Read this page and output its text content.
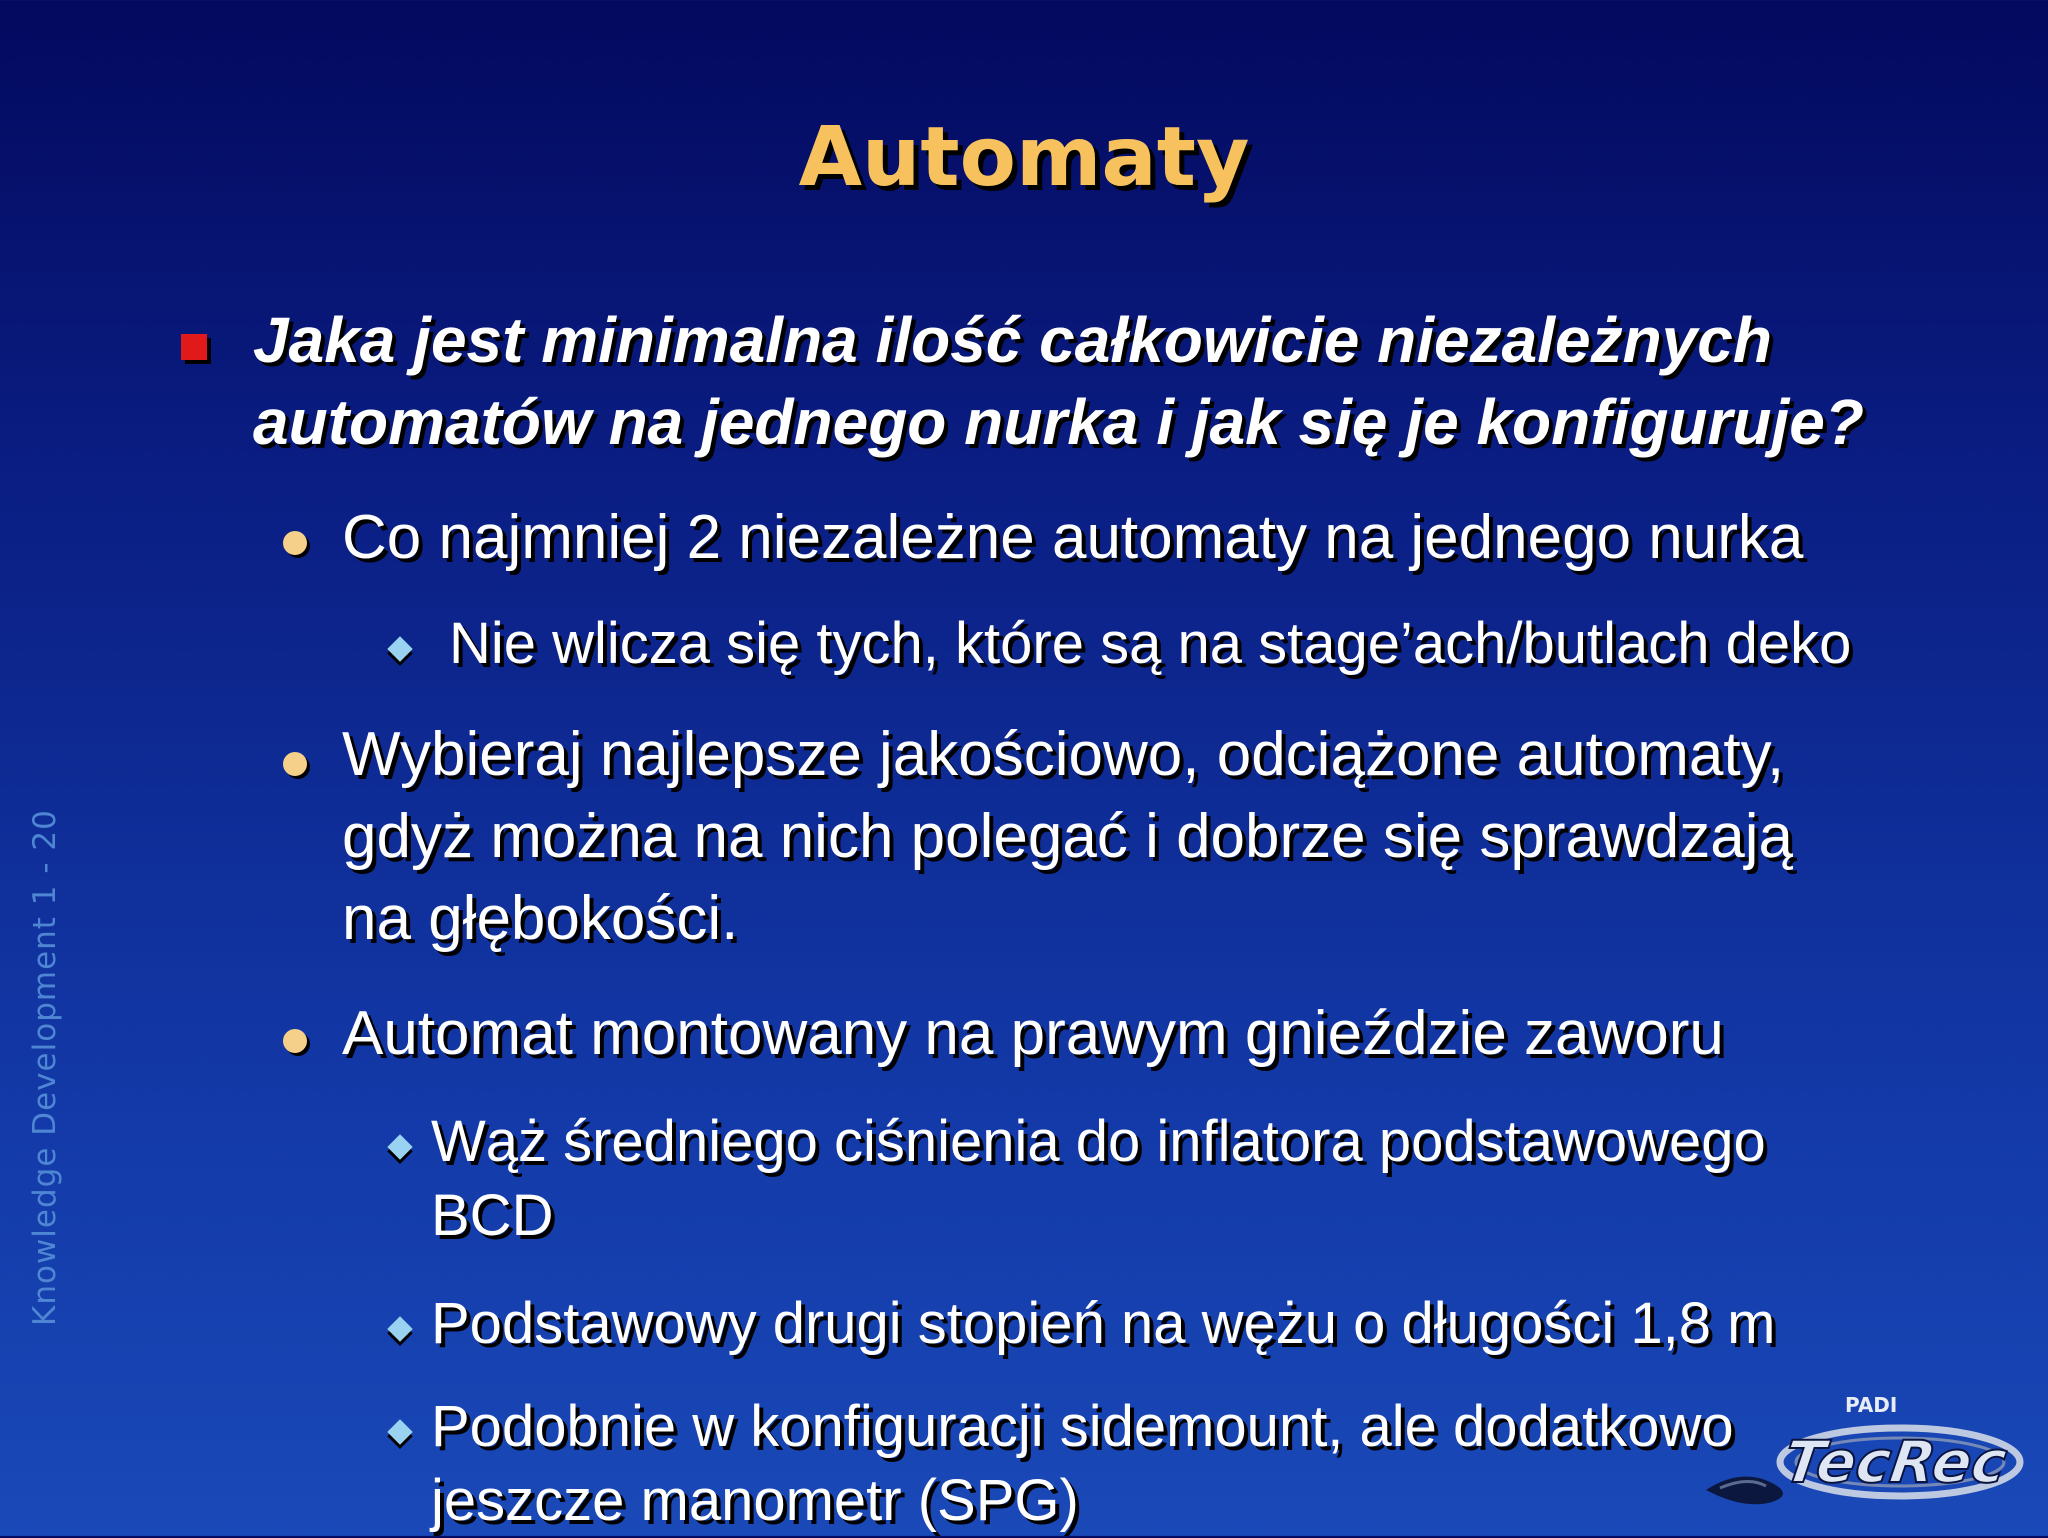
Automaty
Knowledge Development 1 - 20
Jaka jest minimalna ilość całkowicie niezależnych
automatów na jednego nurka i jak się je konfiguruje?
Co najmniej 2 niezależne automaty na jednego nurka
Nie wlicza się tych, które są na stage’ach/butlach deko
Wybieraj najlepsze jakościowo, odciążone automaty,
gdyż można na nich polegać i dobrze się sprawdzają
na głębokości.
Automat montowany na prawym gnieździe zaworu
Wąż średniego ciśnienia do inflatora podstawowego
BCD
Podstawowy drugi stopień na wężu o długości 1,8 m
Podobnie w konfiguracji sidemount, ale dodatkowo
jeszcze manometr (SPG)
PADI
TecRec
